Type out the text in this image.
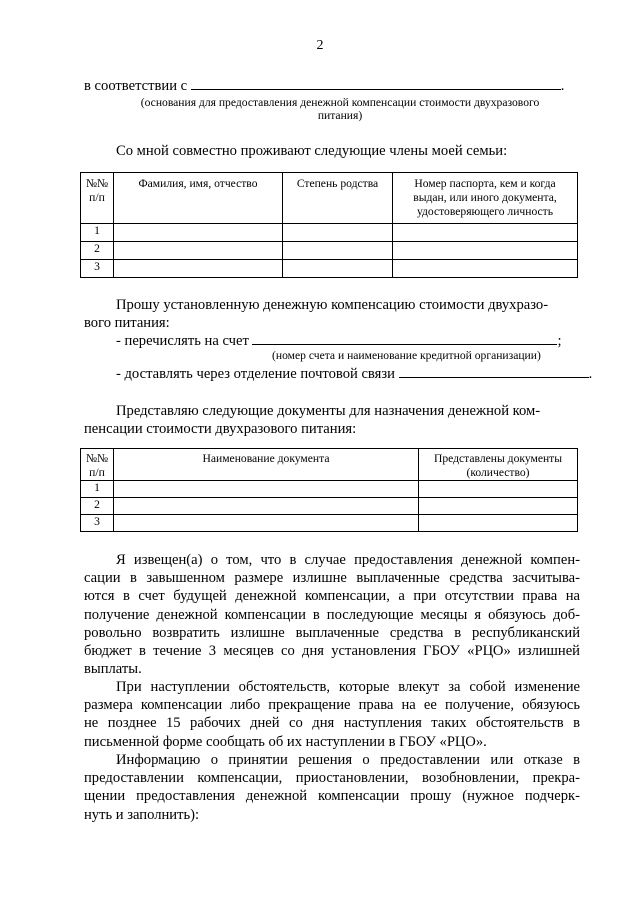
2
в соответствии с	.
(основания для предоставления денежной компенсации стоимости двухразового
питания)
Со мной совместно проживают следующие члены моей семьи:
№№ п/п	Фамилия, имя, отчество	Степень родства	Номер паспорта, кем и когда выдан, или иного документа, удостоверяющего личность
1			
2			
3			
Прошу установленную денежную компенсацию стоимости двухразо-
вого питания:
- перечислять на счет	;
(номер счета и наименование кредитной организации)
- доставлять через отделение почтовой связи	.
Представляю следующие документы для назначения денежной ком-
пенсации стоимости двухразового питания:
№№ п/п	Наименование документа	Представлены документы (количество)
1		
2		
3		
Я извещен(а) о том, что в случае предоставления денежной компен-
сации в завышенном размере излишне выплаченные средства засчитыва-
ются в счет будущей денежной компенсации, а при отсутствии права на
получение денежной компенсации в последующие месяцы я обязуюсь доб-
ровольно возвратить излишне выплаченные средства в республиканский
бюджет в течение 3 месяцев со дня установления ГБОУ «РЦО» излишней
выплаты.
При наступлении обстоятельств, которые влекут за собой изменение
размера компенсации либо прекращение права на ее получение, обязуюсь
не позднее 15 рабочих дней со дня наступления таких обстоятельств в
письменной форме сообщать об их наступлении в ГБОУ «РЦО».
Информацию о принятии решения о предоставлении или отказе в
предоставлении компенсации, приостановлении, возобновлении, прекра-
щении предоставления денежной компенсации прошу (нужное подчерк-
нуть и заполнить):
